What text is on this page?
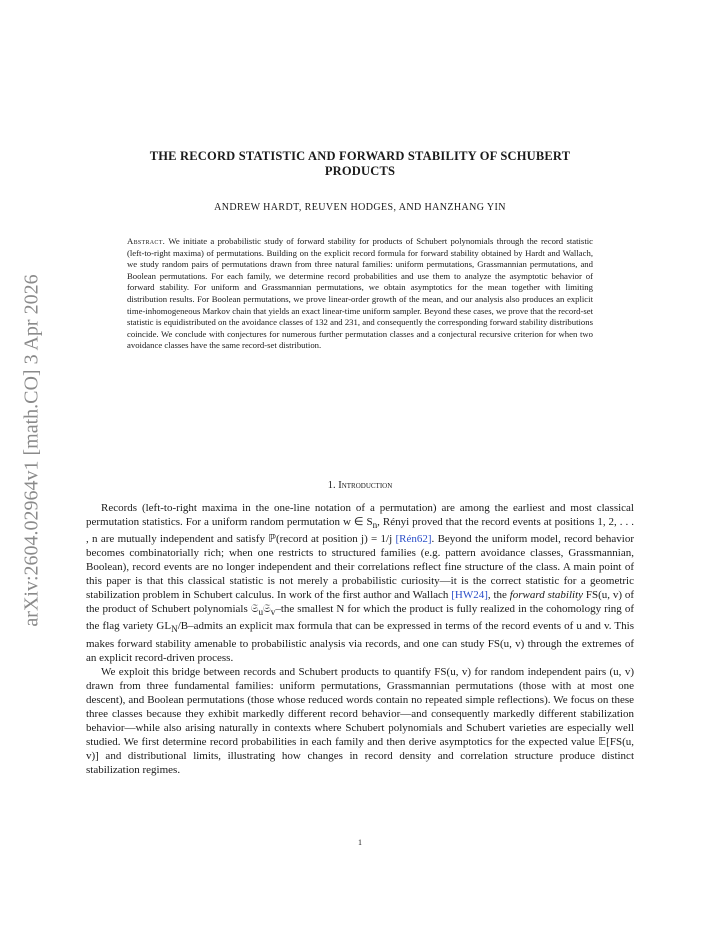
arXiv:2604.02964v1 [math.CO] 3 Apr 2026
THE RECORD STATISTIC AND FORWARD STABILITY OF SCHUBERT
PRODUCTS
ANDREW HARDT, REUVEN HODGES, AND HANZHANG YIN
Abstract. We initiate a probabilistic study of forward stability for products of Schubert polynomials through the record statistic (left-to-right maxima) of permutations. Building on the explicit record formula for forward stability obtained by Hardt and Wallach, we study random pairs of permutations drawn from three natural families: uniform permutations, Grassmannian permutations, and Boolean permutations. For each family, we determine record probabilities and use them to analyze the asymptotic behavior of forward stability. For uniform and Grassmannian permutations, we obtain asymptotics for the mean together with limiting distribution results. For Boolean permutations, we prove linear-order growth of the mean, and our analysis also produces an explicit time-inhomogeneous Markov chain that yields an exact linear-time uniform sampler. Beyond these cases, we prove that the record-set statistic is equidistributed on the avoidance classes of 132 and 231, and consequently the corresponding forward stability distributions coincide. We conclude with conjectures for numerous further permutation classes and a conjectural recursive criterion for when two avoidance classes have the same record-set distribution.
1. Introduction

Records (left-to-right maxima in the one-line notation of a permutation) are among the earliest and most classical permutation statistics. For a uniform random permutation w ∈ $S_n$, Rényi proved that the record events at positions 1, 2, . . . , n are mutually independent and satisfy ℙ(record at position j) = 1/j [Rén62]. Beyond the uniform model, record behavior becomes combinatorially rich; when one restricts to structured families (e.g. pattern avoidance classes, Grassmannian, Boolean), record events are no longer independent and their correlations reflect fine structure of the class. A main point of this paper is that this classical statistic is not merely a probabilistic curiosity—it is the correct statistic for a geometric stabilization problem in Schubert calculus. In work of the first author and Wallach [HW24], the forward stability FS(u, v) of the product of Schubert polynomials 𝔖$_u$𝔖$_v$–the smallest N for which the product is fully realized in the cohomology ring of the flag variety $GL_N/B$–admits an explicit max formula that can be expressed in terms of the record events of u and v. This makes forward stability amenable to probabilistic analysis via records, and one can study FS(u, v) through the extremes of an explicit record-driven process.

We exploit this bridge between records and Schubert products to quantify FS(u, v) for random independent pairs (u, v) drawn from three fundamental families: uniform permutations, Grassmannian permutations (those with at most one descent), and Boolean permutations (those whose reduced words contain no repeated simple reflections). We focus on these three classes because they exhibit markedly different record behavior—and consequently markedly different stabilization behavior—while also arising naturally in contexts where Schubert polynomials and Schubert varieties are especially well studied. We first determine record probabilities in each family and then derive asymptotics for the expected value 𝔼[FS(u, v)] and distributional limits, illustrating how changes in record density and correlation structure produce distinct stabilization regimes.

1
